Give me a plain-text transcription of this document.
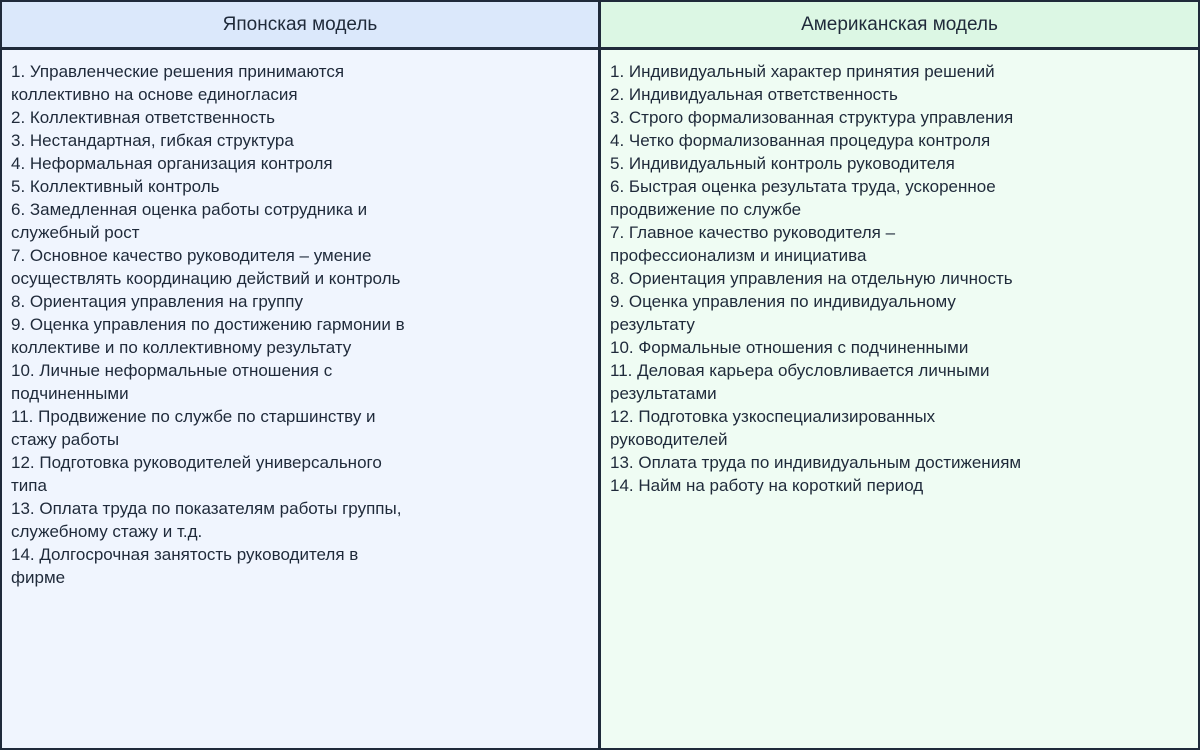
Японская модель	Американская модель
1. Управленческие решения принимаются коллективно на основе единогласия
2. Коллективная ответственность
3. Нестандартная, гибкая структура
4. Неформальная организация контроля
5. Коллективный контроль
6. Замедленная оценка работы сотрудника и служебный рост
7. Основное качество руководителя – умение осуществлять координацию действий и контроль
8. Ориентация управления на группу
9. Оценка управления по достижению гармонии в коллективе и по коллективному результату
10. Личные неформальные отношения с подчиненными
11. Продвижение по службе по старшинству и стажу работы
12. Подготовка руководителей универсального типа
13. Оплата труда по показателям работы группы, служебному стажу и т.д.
14. Долгосрочная занятость руководителя в фирме
1. Индивидуальный характер принятия решений
2. Индивидуальная ответственность
3. Строго формализованная структура управления
4. Четко формализованная процедура контроля
5. Индивидуальный контроль руководителя
6. Быстрая оценка результата труда, ускоренное продвижение по службе
7. Главное качество руководителя – профессионализм и инициатива
8. Ориентация управления на отдельную личность
9. Оценка управления по индивидуальному результату
10. Формальные отношения с подчиненными
11. Деловая карьера обусловливается личными результатами
12. Подготовка узкоспециализированных руководителей
13. Оплата труда по индивидуальным достижениям
14. Найм на работу на короткий период
